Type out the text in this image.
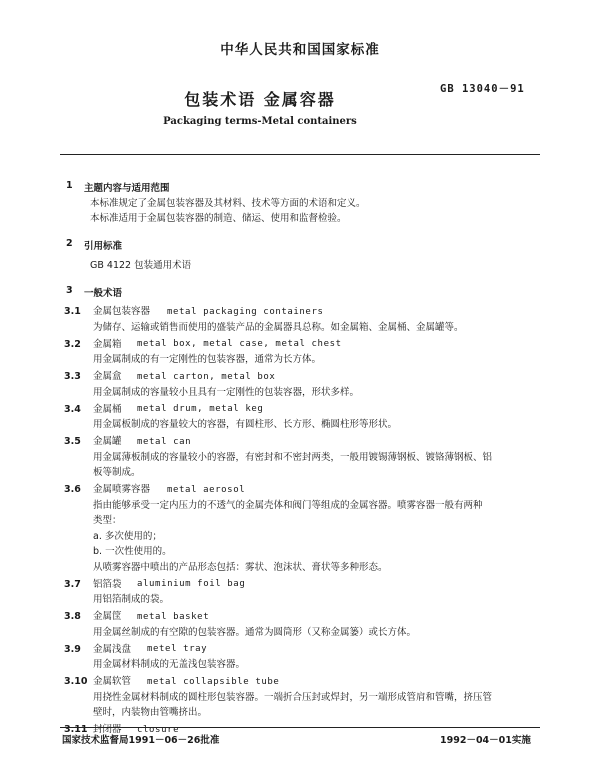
中华人民共和国国家标准
包装术语 金属容器
GB 13040－91
Packaging terms-Metal containers
1 主题内容与适用范围
本标准规定了金属包装容器及其材料、技术等方面的术语和定义。
本标准适用于金属包装容器的制造、储运、使用和监督检验。
2 引用标准
GB 4122 包装通用术语
3 一般术语
3.1 金属包装容器 metal packaging containers
为储存、运输或销售而使用的盛装产品的金属器具总称。如金属箱、金属桶、金属罐等。
3.2 金属箱 metal box, metal case, metal chest
用金属制成的有一定刚性的包装容器，通常为长方体。
3.3 金属盒 metal carton, metal box
用金属制成的容量较小且具有一定刚性的包装容器，形状多样。
3.4 金属桶 metal drum, metal keg
用金属板制成的容量较大的容器，有圆柱形、长方形、椭圆柱形等形状。
3.5 金属罐 metal can
用金属薄板制成的容量较小的容器，有密封和不密封两类，一般用镀锡薄钢板、镀铬薄钢板、铝
板等制成。
3.6 金属喷雾容器 metal aerosol
指由能够承受一定内压力的不透气的金属壳体和阀门等组成的金属容器。喷雾容器一般有两种
类型：
a. 多次使用的；
b. 一次性使用的。
从喷雾容器中喷出的产品形态包括：雾状、泡沫状、膏状等多种形态。
3.7 铝箔袋 aluminium foil bag
用铝箔制成的袋。
3.8 金属筐 metal basket
用金属丝制成的有空隙的包装容器。通常为圆筒形（又称金属篓）或长方体。
3.9 金属浅盘 metel tray
用金属材料制成的无盖浅包装容器。
3.10 金属软管 metal collapsible tube
用挠性金属材料制成的圆柱形包装容器。一端折合压封或焊封，另一端形成管肩和管嘴，挤压管
壁时，内装物由管嘴挤出。
3.11 封闭器 closure
国家技术监督局1991－06－26批准	1992－04－01实施
